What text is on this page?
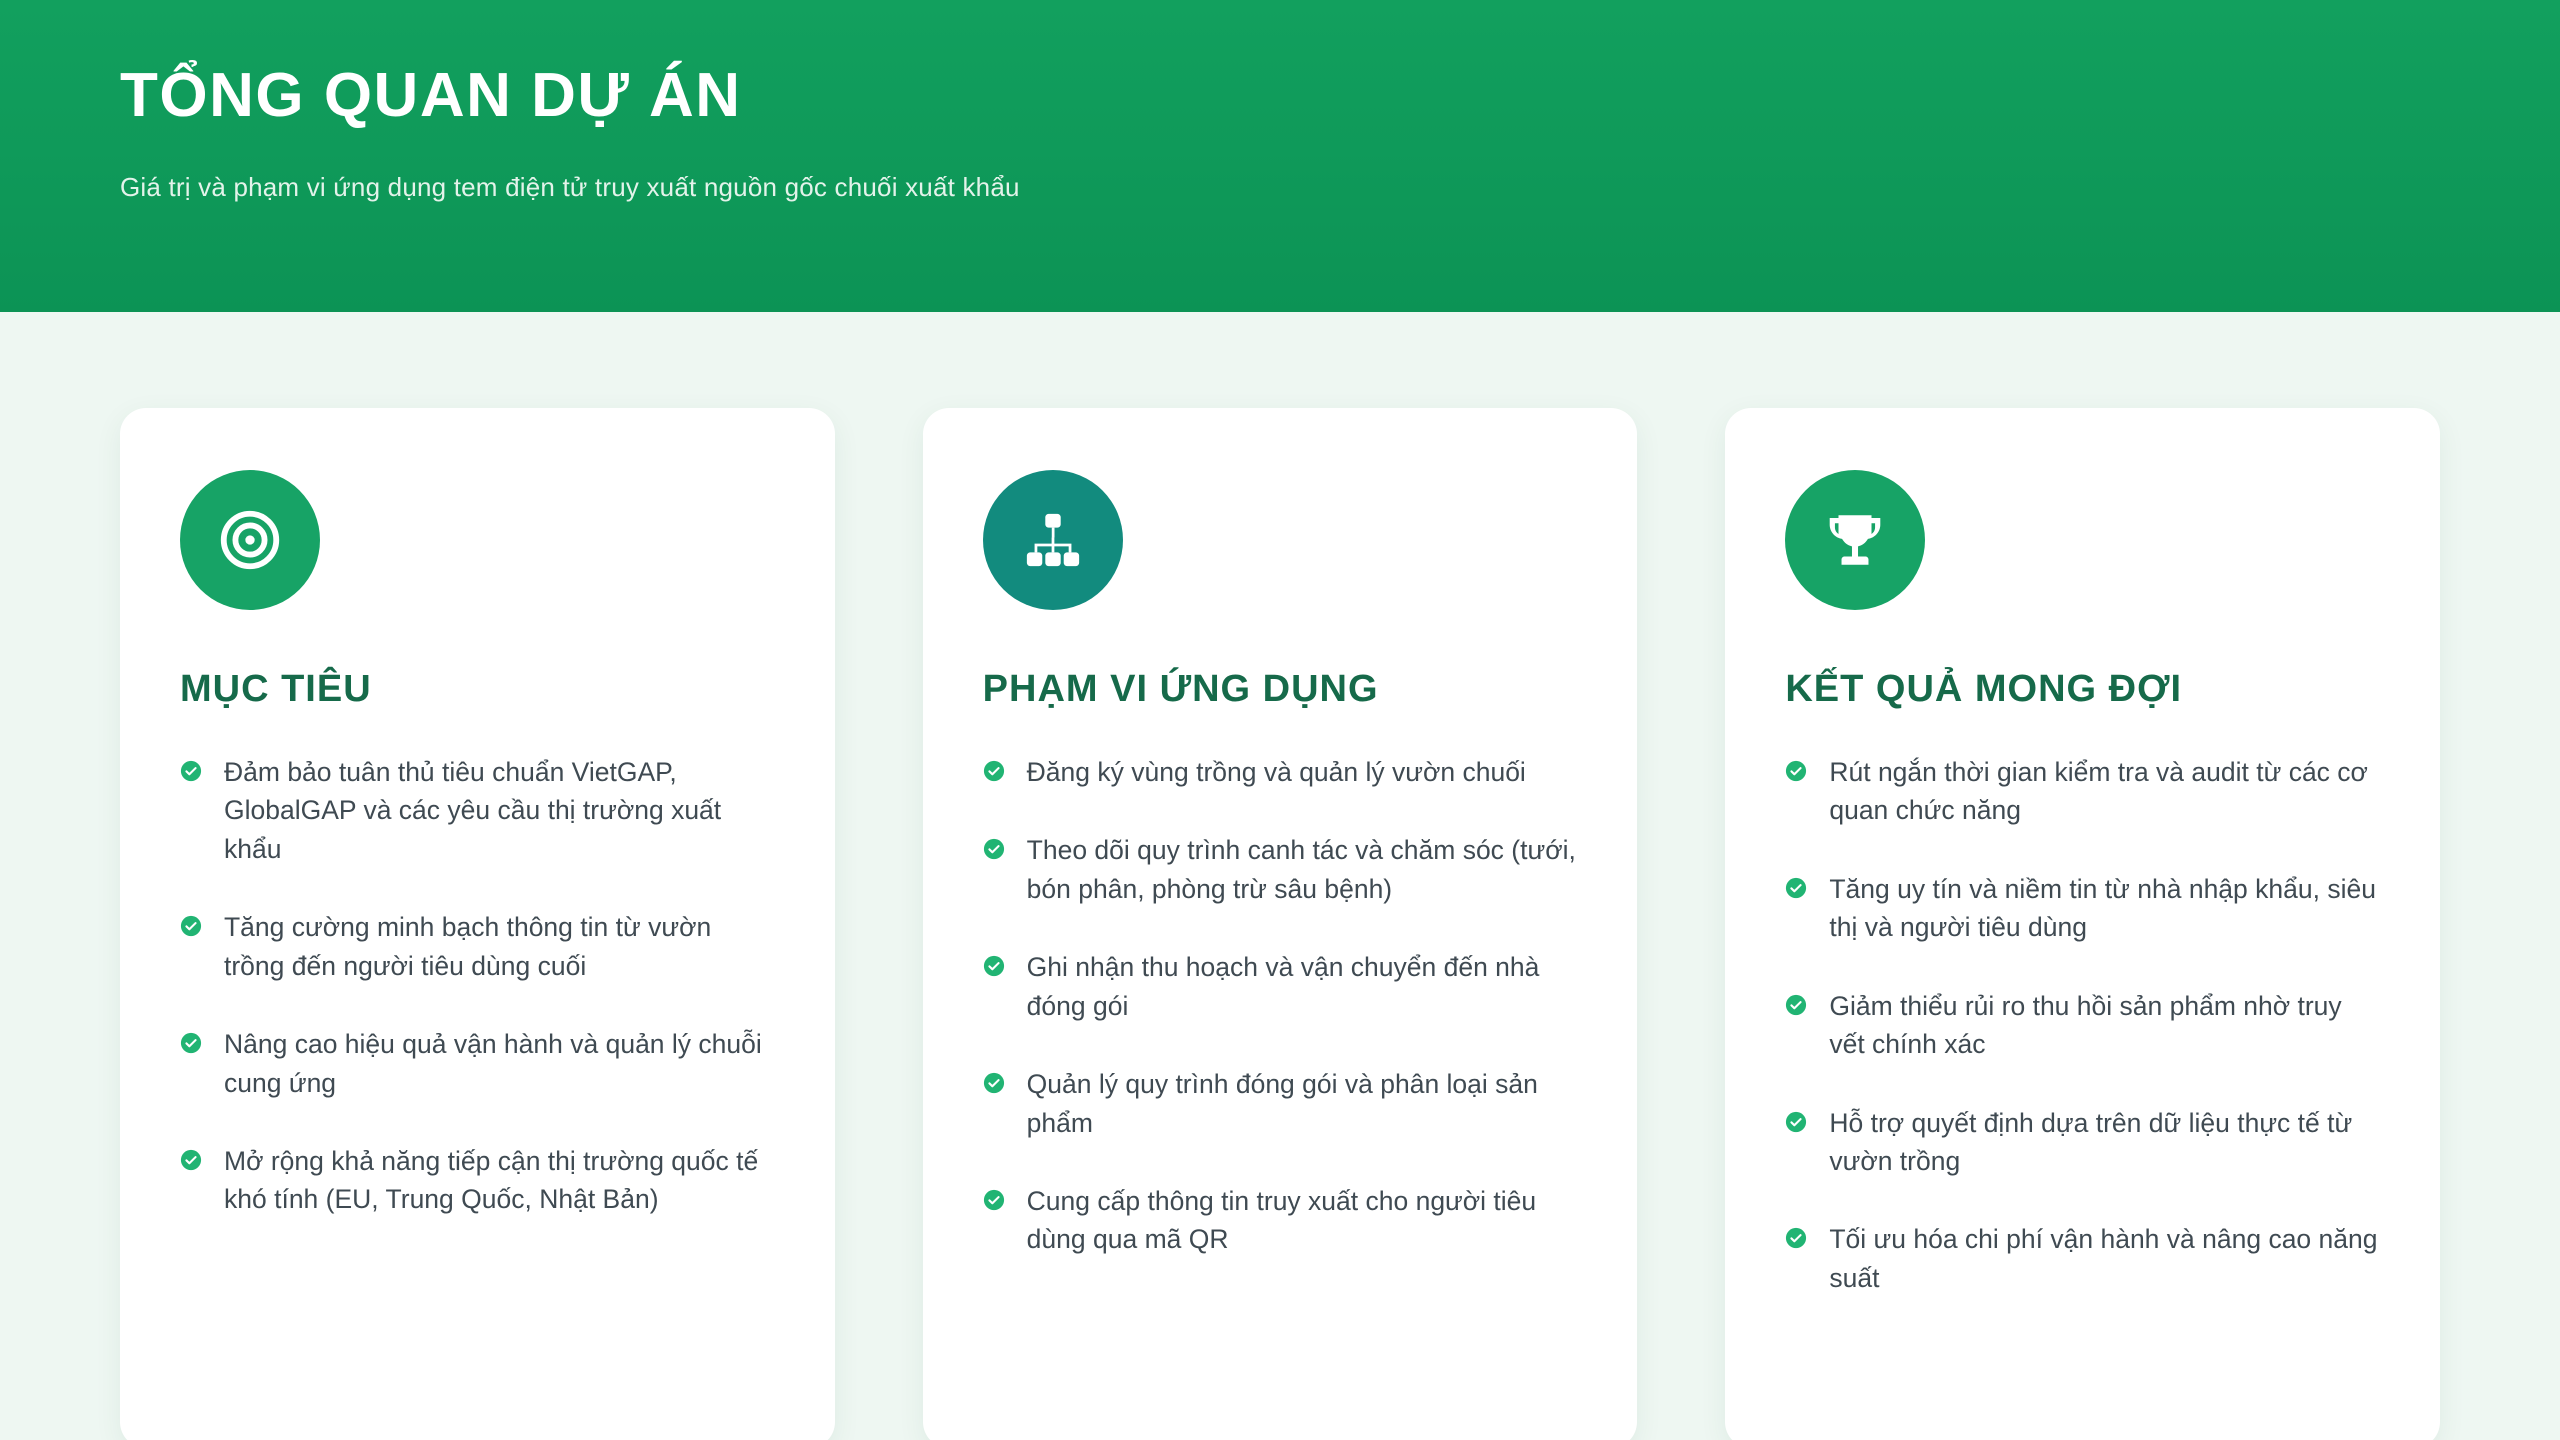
TỔNG QUAN DỰ ÁN

Giá trị và phạm vi ứng dụng tem điện tử truy xuất nguồn gốc chuối xuất khẩu

MỤC TIÊU
Đảm bảo tuân thủ tiêu chuẩn VietGAP, GlobalGAP và các yêu cầu thị trường xuất khẩu
Tăng cường minh bạch thông tin từ vườn trồng đến người tiêu dùng cuối
Nâng cao hiệu quả vận hành và quản lý chuỗi cung ứng
Mở rộng khả năng tiếp cận thị trường quốc tế khó tính (EU, Trung Quốc, Nhật Bản)
PHẠM VI ỨNG DỤNG
Đăng ký vùng trồng và quản lý vườn chuối
Theo dõi quy trình canh tác và chăm sóc (tưới, bón phân, phòng trừ sâu bệnh)
Ghi nhận thu hoạch và vận chuyển đến nhà đóng gói
Quản lý quy trình đóng gói và phân loại sản phẩm
Cung cấp thông tin truy xuất cho người tiêu dùng qua mã QR
KẾT QUẢ MONG ĐỢI
Rút ngắn thời gian kiểm tra và audit từ các cơ quan chức năng
Tăng uy tín và niềm tin từ nhà nhập khẩu, siêu thị và người tiêu dùng
Giảm thiểu rủi ro thu hồi sản phẩm nhờ truy vết chính xác
Hỗ trợ quyết định dựa trên dữ liệu thực tế từ vườn trồng
Tối ưu hóa chi phí vận hành và nâng cao năng suất
